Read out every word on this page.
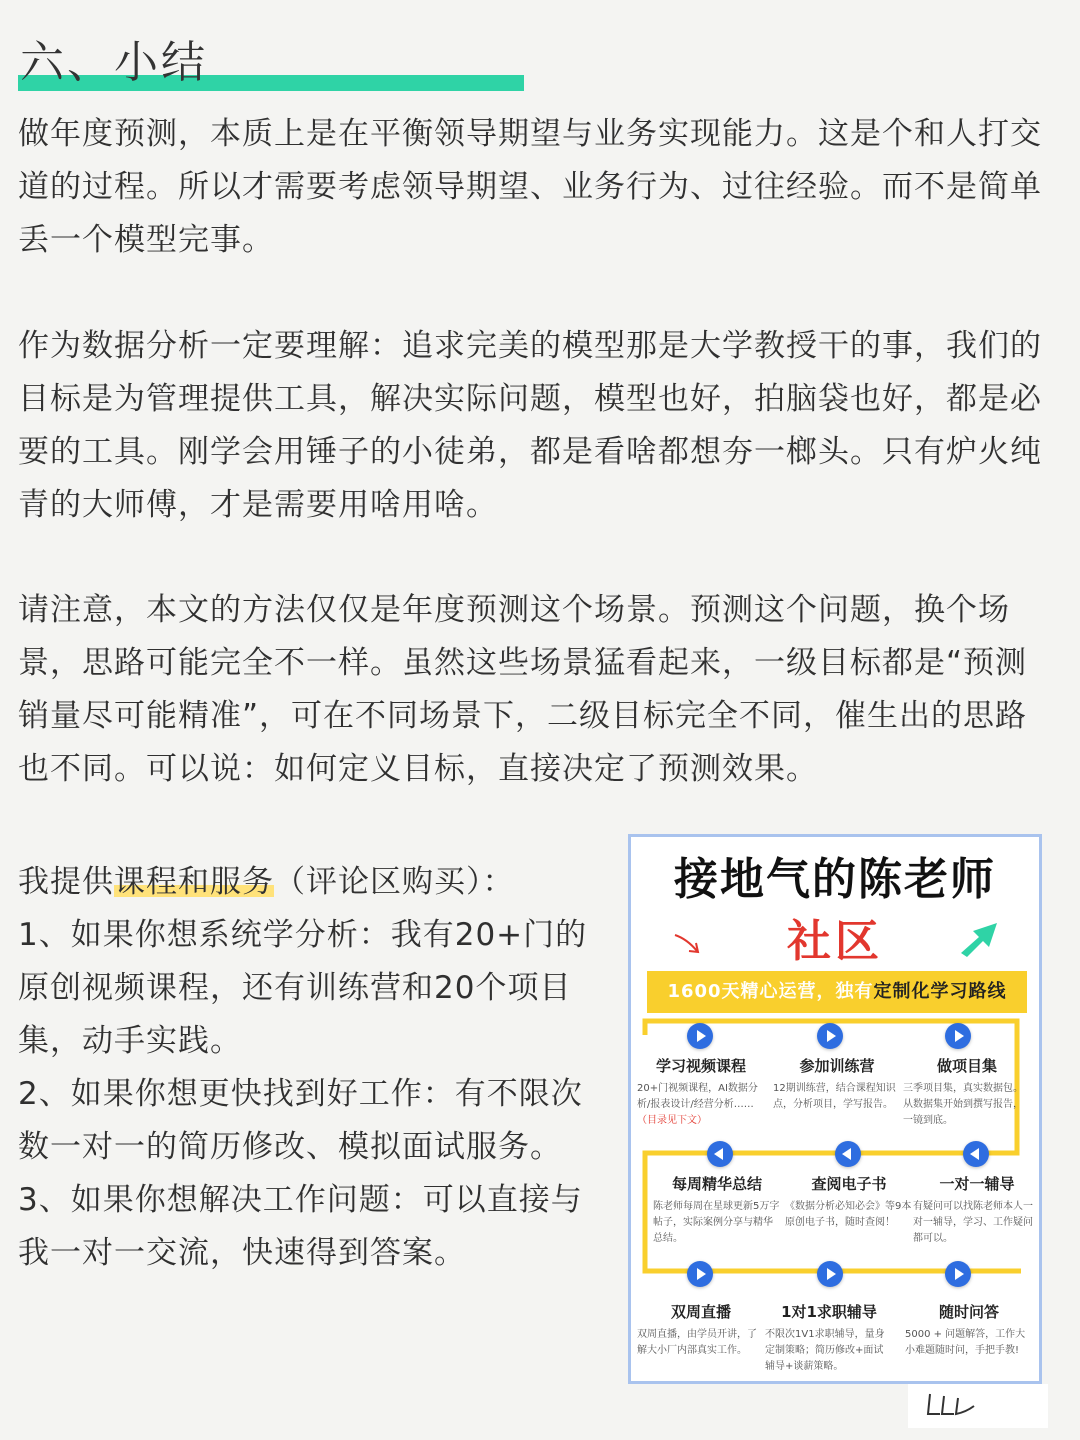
六、小结

做年度预测，本质上是在平衡领导期望与业务实现能力。这是个和人打交道的过程。所以才需要考虑领导期望、业务行为、过往经验。而不是简单丢一个模型完事。

作为数据分析一定要理解：追求完美的模型那是大学教授干的事，我们的目标是为管理提供工具，解决实际问题，模型也好，拍脑袋也好，都是必要的工具。刚学会用锤子的小徒弟，都是看啥都想夯一榔头。只有炉火纯青的大师傅，才是需要用啥用啥。

请注意，本文的方法仅仅是年度预测这个场景。预测这个问题，换个场景，思路可能完全不一样。虽然这些场景猛看起来，一级目标都是“预测销量尽可能精准”，可在不同场景下，二级目标完全不同，催生出的思路也不同。可以说：如何定义目标，直接决定了预测效果。

我提供课程和服务（评论区购买）：

1、如果你想系统学分析：我有20+门的原创视频课程，还有训练营和20个项目集，动手实践。

2、如果你想更快找到好工作：有不限次数一对一的简历修改、模拟面试服务。

3、如果你想解决工作问题：可以直接与我一对一交流，快速得到答案。

接地气的陈老师
社区
1600天精心运营，独有定制化学习路线
学习视频课程
20+门视频课程，AI数据分析/报表设计/经营分析……（目录见下文）
参加训练营
12期训练营，结合课程知识点，分析项目，学写报告。
做项目集
三季项目集，真实数据包。从数据集开始到撰写报告，一镜到底。
每周精华总结
陈老师每周在星球更新5万字帖子，实际案例分享与精华总结。
查阅电子书
《数据分析必知必会》等9本原创电子书，随时查阅！
一对一辅导
有疑问可以找陈老师本人一对一辅导，学习、工作疑问都可以。
双周直播
双周直播，由学员开讲，了解大小厂内部真实工作。
1对1求职辅导
不限次1V1求职辅导，量身定制策略；简历修改+面试辅导+谈薪策略。
随时问答
5000 + 问题解答，工作大小难题随时问，手把手教!
